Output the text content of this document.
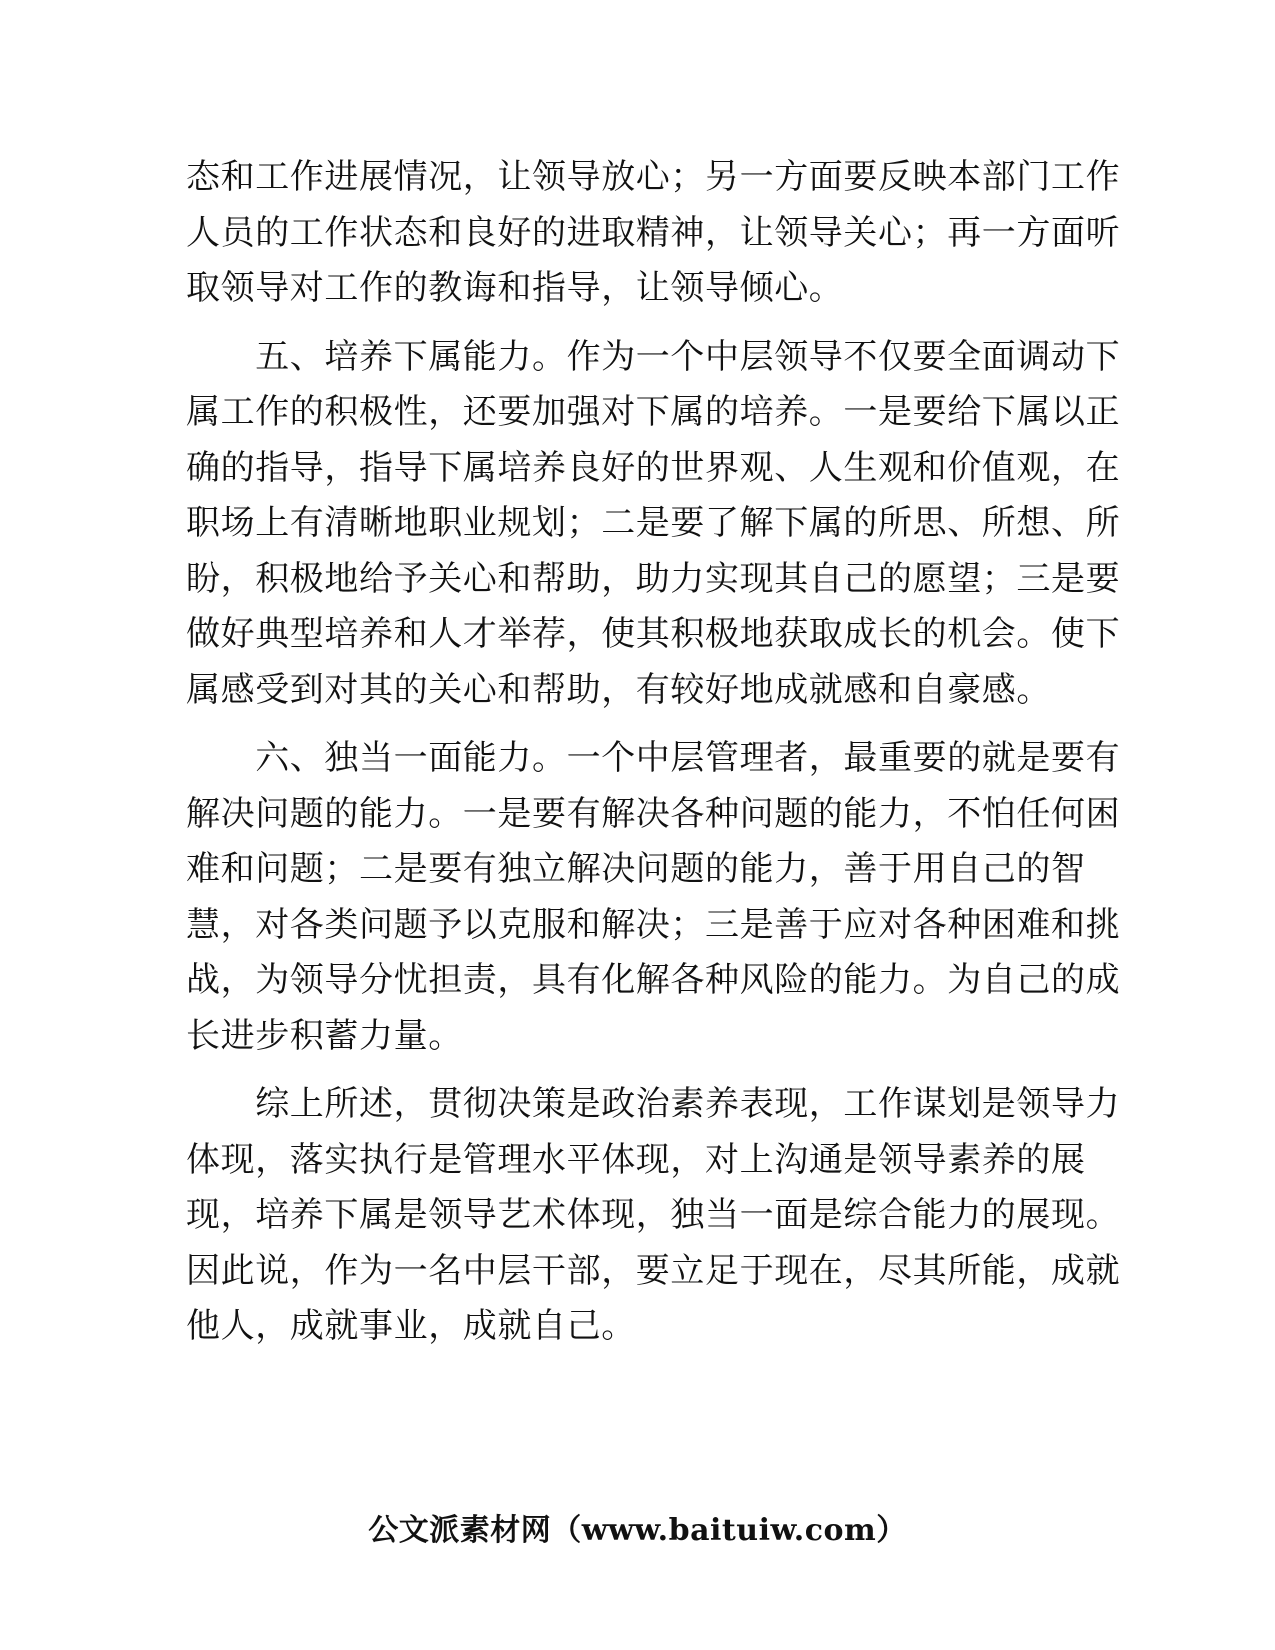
态和工作进展情况，让领导放心；另一方面要反映本部门工作
人员的工作状态和良好的进取精神，让领导关心；再一方面听
取领导对工作的教诲和指导，让领导倾心。
　　五、培养下属能力。作为一个中层领导不仅要全面调动下
属工作的积极性，还要加强对下属的培养。一是要给下属以正
确的指导，指导下属培养良好的世界观、人生观和价值观，在
职场上有清晰地职业规划；二是要了解下属的所思、所想、所
盼，积极地给予关心和帮助，助力实现其自己的愿望；三是要
做好典型培养和人才举荐，使其积极地获取成长的机会。使下
属感受到对其的关心和帮助，有较好地成就感和自豪感。
　　六、独当一面能力。一个中层管理者，最重要的就是要有
解决问题的能力。一是要有解决各种问题的能力，不怕任何困
难和问题；二是要有独立解决问题的能力，善于用自己的智
慧，对各类问题予以克服和解决；三是善于应对各种困难和挑
战，为领导分忧担责，具有化解各种风险的能力。为自己的成
长进步积蓄力量。
　　综上所述，贯彻决策是政治素养表现，工作谋划是领导力
体现，落实执行是管理水平体现，对上沟通是领导素养的展
现，培养下属是领导艺术体现，独当一面是综合能力的展现。
因此说，作为一名中层干部，要立足于现在，尽其所能，成就
他人，成就事业，成就自己。
公文派素材网（www.baituiw.com）
